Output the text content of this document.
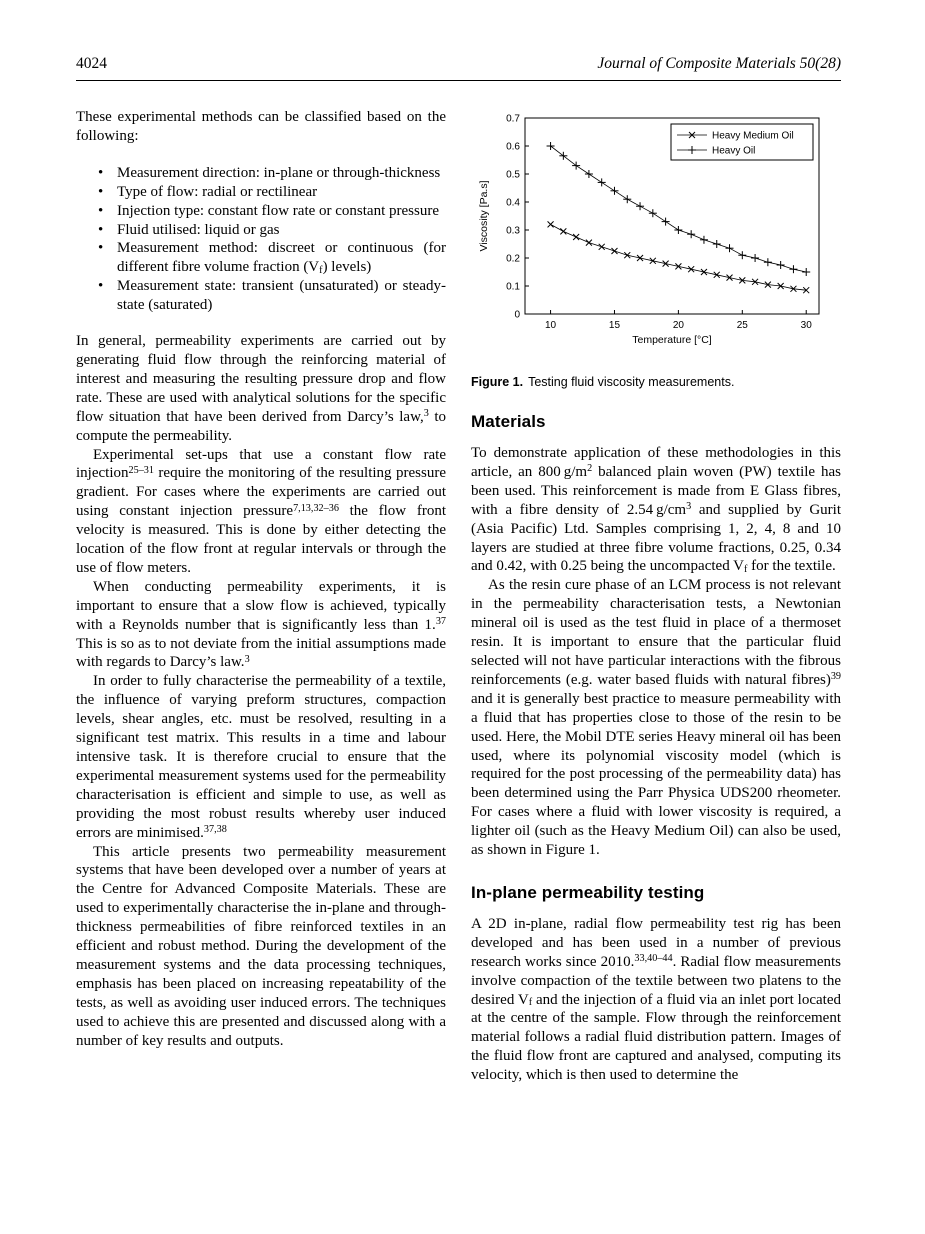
4024	Journal of Composite Materials 50(28)

These experimental methods can be classified based on the following:

• Measurement direction: in-plane or through-thickness
• Type of flow: radial or rectilinear
• Injection type: constant flow rate or constant pressure
• Fluid utilised: liquid or gas
• Measurement method: discreet or continuous (for different fibre volume fraction $(V_f)$ levels)
• Measurement state: transient (unsaturated) or steady-state (saturated)

In general, permeability experiments are carried out by generating fluid flow through the reinforcing material of interest and measuring the resulting pressure drop and flow rate. These are used with analytical solutions for the specific flow situation that have been derived from Darcy’s law,$^3$ to compute the permeability.

Experimental set-ups that use a constant flow rate injection$^{25-31}$ require the monitoring of the resulting pressure gradient. For cases where the experiments are carried out using constant injection pressure$^{7,13,32-36}$ the flow front velocity is measured. This is done by either detecting the location of the flow front at regular intervals or through the use of flow meters.

When conducting permeability experiments, it is important to ensure that a slow flow is achieved, typically with a Reynolds number that is significantly less than 1.37 This is so as to not deviate from the initial assumptions made with regards to Darcy’s law.$^3$

In order to fully characterise the permeability of a textile, the influence of varying preform structures, compaction levels, shear angles, etc. must be resolved, resulting in a significant test matrix. This results in a time and labour intensive task. It is therefore crucial to ensure that the experimental measurement systems used for the permeability characterisation is efficient and simple to use, as well as providing the most robust results whereby user induced errors are minimised.$^{37,38}$

This article presents two permeability measurement systems that have been developed over a number of years at the Centre for Advanced Composite Materials. These are used to experimentally characterise the in-plane and through-thickness permeabilities of fibre reinforced textiles in an efficient and robust method. During the development of the measurement systems and the data processing techniques, emphasis has been placed on increasing repeatability of the tests, as well as avoiding user induced errors. The techniques used to achieve this are presented and discussed along with a number of key results and outputs.

0
0.1
0.2
0.3
0.4
0.5
0.6
0.7
10	15	20	25	30
Temperature [°C]
Viscosity [Pa.s]
Heavy Medium Oil
Heavy Oil
Figure 1. Testing fluid viscosity measurements.
Materials

To demonstrate application of these methodologies in this article, an 800 $g/m^2$ balanced plain woven (PW) textile has been used. This reinforcement is made from E Glass fibres, with a fibre density of 2.54 $g/cm^3$ and supplied by Gurit (Asia Pacific) Ltd. Samples comprising 1, 2, 4, 8 and 10 layers are studied at three fibre volume fractions, 0.25, 0.34 and 0.42, with 0.25 being the uncompacted $V_f$ for the textile.

As the resin cure phase of an LCM process is not relevant in the permeability characterisation tests, a Newtonian mineral oil is used as the test fluid in place of a thermoset resin. It is important to ensure that the particular fluid selected will not have particular interactions with the fibrous reinforcements (e.g. water based fluids with natural fibres)$^{39}$ and it is generally best practice to measure permeability with a fluid that has properties close to those of the resin to be used. Here, the Mobil DTE series Heavy mineral oil has been used, where its polynomial viscosity model (which is required for the post processing of the permeability data) has been determined using the Parr Physica UDS200 rheometer. For cases where a fluid with lower viscosity is required, a lighter oil (such as the Heavy Medium Oil) can also be used, as shown in Figure 1.

In-plane permeability testing

A 2D in-plane, radial flow permeability test rig has been developed and has been used in a number of previous research works since 2010.$^{33,40-44}$. Radial flow measurements involve compaction of the textile between two platens to the desired $V_f$ and the injection of a fluid via an inlet port located at the centre of the sample. Flow through the reinforcement material follows a radial fluid distribution pattern. Images of the fluid flow front are captured and analysed, computing its velocity, which is then used to determine the
